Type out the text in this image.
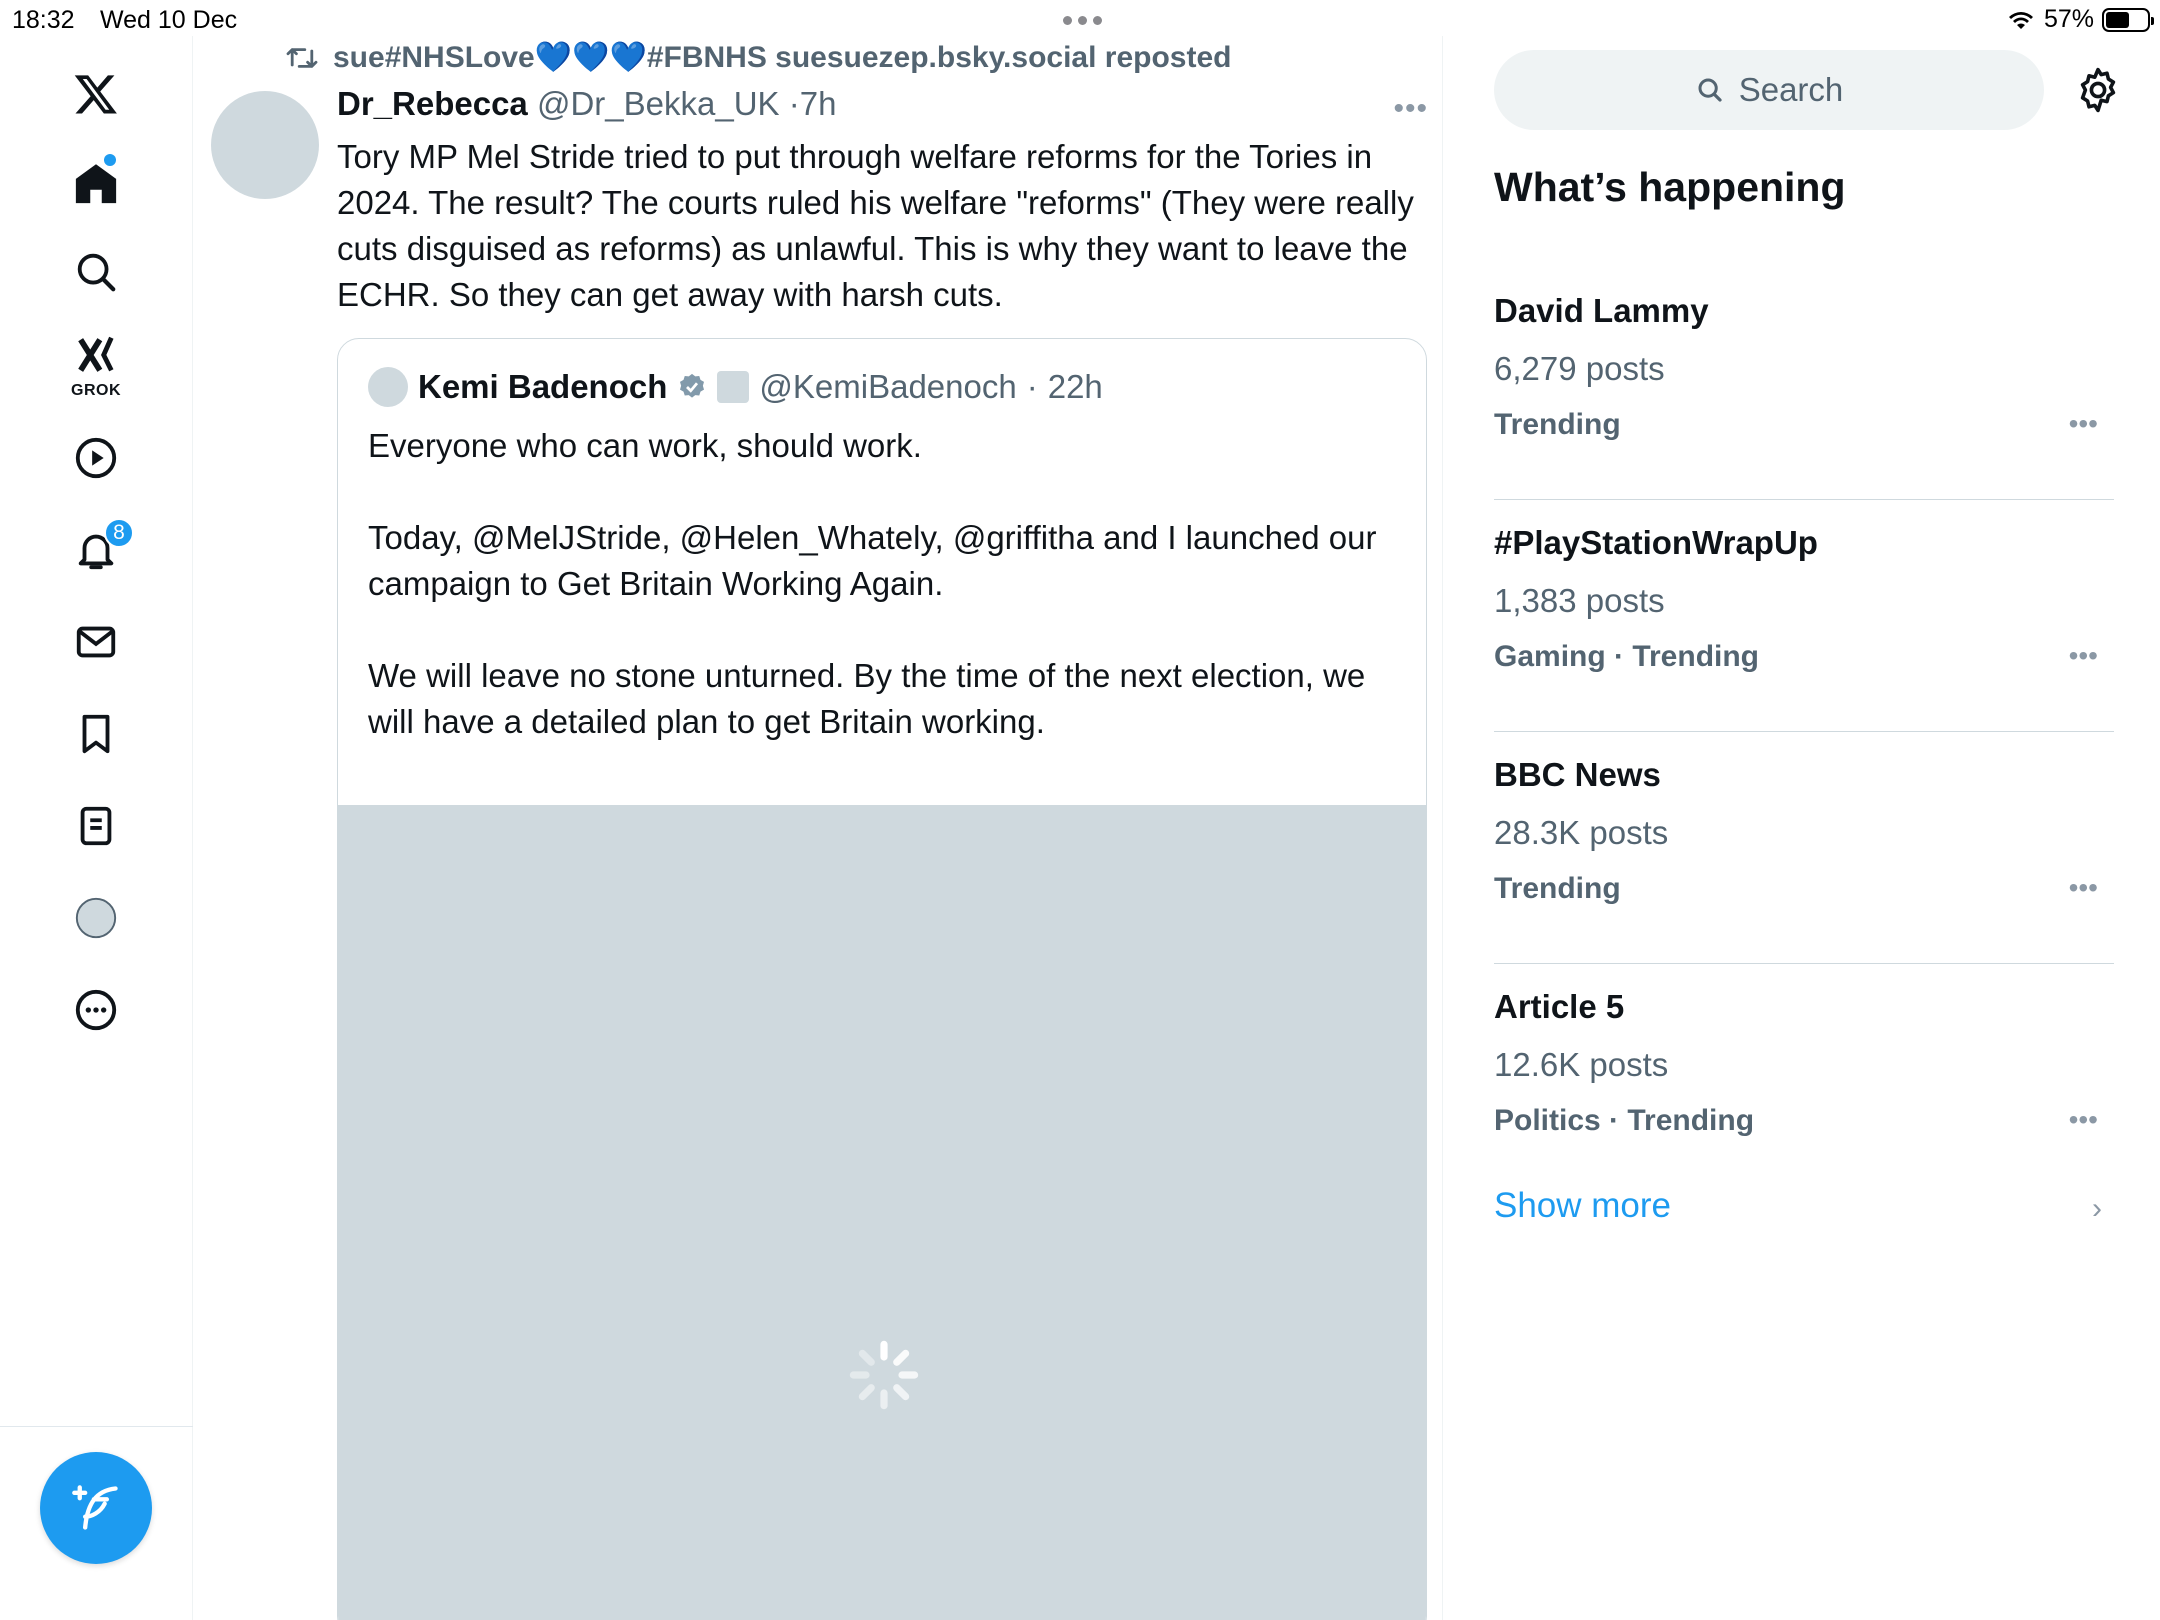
18:32 Wed 10 Dec	57%
GROK
8
sue#NHSLove💙💙💙#FBNHS suesuezep.bsky.social reposted
Dr_Rebecca @Dr_Bekka_UK ·7h	•••
Tory MP Mel Stride tried to put through welfare reforms for the Tories in 2024. The result? The courts ruled his welfare "reforms" (They were really cuts disguised as reforms) as unlawful. This is why they want to leave the ECHR. So they can get away with harsh cuts.
Kemi Badenoch	@KemiBadenoch · 22h

Everyone who can work, should work.

Today, @MelJStride, @Helen_Whately, @griffitha and I launched our campaign to Get Britain Working Again.

We will leave no stone unturned. By the time of the next election, we will have a detailed plan to get Britain working.

Search
What’s happening
David Lammy
6,279 posts
Trending	•••
#PlayStationWrapUp
1,383 posts
Gaming · Trending	•••
BBC News
28.3K posts
Trending	•••
Article 5
12.6K posts
Politics · Trending	•••
Show more	›
